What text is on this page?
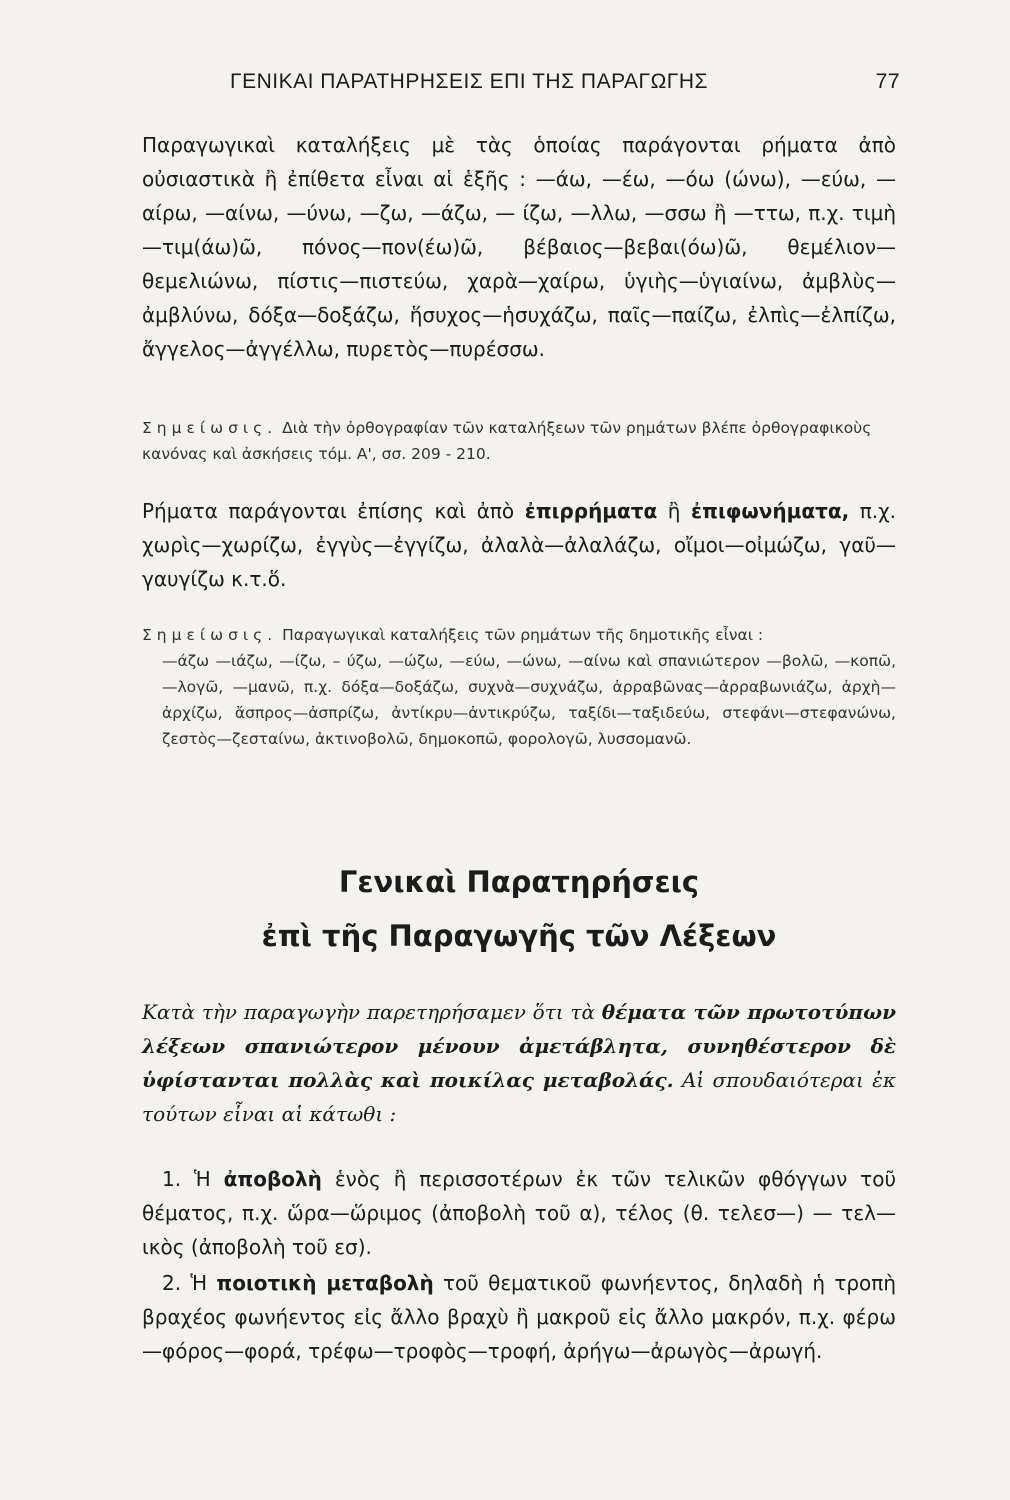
ΓΕΝΙΚΑΙ ΠΑΡΑΤΗΡΗΣΕΙΣ ΕΠΙ ΤΗΣ ΠΑΡΑΓΩΓΗΣ	77

Παραγωγικαὶ καταλήξεις μὲ τὰς ὁποίας παράγονται ρήματα ἀπὸ οὐσιαστικὰ ἢ ἐπίθετα εἶναι αἱ ἑξῆς : —άω, —έω, —όω (ώνω), —εύω, —αίρω, —αίνω, —ύνω, —ζω, —άζω, — ίζω, —λλω, —σσω ἢ —ττω, π.χ. τιμὴ—τιμ(άω)ῶ, πόνος—πον(έω)ῶ, βέβαιος—βεβαι(όω)ῶ, θεμέλιον—θεμελιώνω, πίστις—πιστεύω, χαρὰ—χαίρω, ὑγιὴς—ὑγιαίνω, ἀμβλὺς—ἀμβλύνω, δόξα—δοξάζω, ἥσυχος—ἡσυχάζω, παῖς—παίζω, ἐλπὶς—ἐλπίζω, ἄγγελος—ἀγγέλλω, πυρετὸς—πυρέσσω.

Σημείωσις. Διὰ τὴν ὀρθογραφίαν τῶν καταλήξεων τῶν ρημάτων βλέπε ὀρθογραφικοὺς κανόνας καὶ ἀσκήσεις τόμ. Α', σσ. 209 - 210.

Ρήματα παράγονται ἐπίσης καὶ ἀπὸ ἐπιρρήματα ἢ ἐπιφωνήματα, π.χ. χωρὶς—χωρίζω, ἐγγὺς—ἐγγίζω, ἀλαλὰ—ἀλαλάζω, οἴμοι—οἰμώζω, γαῦ—γαυγίζω κ.τ.ὅ.

Σημείωσις. Παραγωγικαὶ καταλήξεις τῶν ρημάτων τῆς δημοτικῆς εἶναι :
—άζω —ιάζω, —ίζω, – ύζω, —ώζω, —εύω, —ώνω, —αίνω καὶ σπανιώτερον —βολῶ, —κοπῶ, —λογῶ, —μανῶ, π.χ. δόξα—δοξάζω, συχνὰ—συχνάζω, ἀρραβῶνας—ἀρραβωνιάζω, ἀρχὴ—ἀρχίζω, ἄσπρος—ἀσπρίζω, ἀντίκρυ—ἀντικρύζω, ταξίδι—ταξιδεύω, στεφάνι—στεφανώνω, ζεστὸς—ζεσταίνω, ἀκτινοβολῶ, δημοκοπῶ, φορολογῶ, λυσσομανῶ.
Γενικαὶ Παρατηρήσεις
ἐπὶ τῆς Παραγωγῆς τῶν Λέξεων

Κατὰ τὴν παραγωγὴν παρετηρήσαμεν ὅτι τὰ θέματα τῶν πρωτοτύπων λέξεων σπανιώτερον μένουν ἀμετάβλητα, συνηθέστερον δὲ ὑφίστανται πολλὰς καὶ ποικίλας μεταβολάς. Αἱ σπουδαιότεραι ἐκ τούτων εἶναι αἱ κάτωθι :

 1. Ἡ ἀποβολὴ ἑνὸς ἢ περισσοτέρων ἐκ τῶν τελικῶν φθόγγων τοῦ θέματος, π.χ. ὥρα—ὥριμος (ἀποβολὴ τοῦ α), τέλος (θ. τελεσ—) — τελ—ικὸς (ἀποβολὴ τοῦ εσ).

 2. Ἡ ποιοτικὴ μεταβολὴ τοῦ θεματικοῦ φωνήεντος, δηλαδὴ ἡ τροπὴ βραχέος φωνήεντος εἰς ἄλλο βραχὺ ἢ μακροῦ εἰς ἄλλο μακρόν, π.χ. φέρω—φόρος—φορά, τρέφω—τροφὸς—τροφή, ἀρήγω—ἀρωγὸς—ἀρωγή.
